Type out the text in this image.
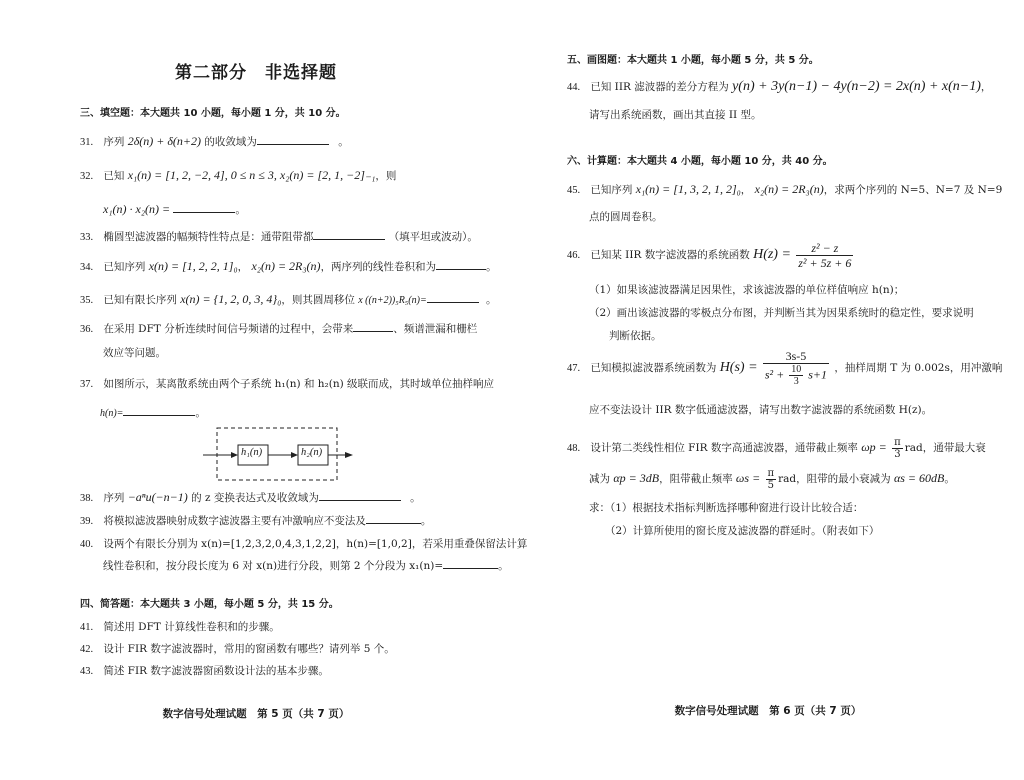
第二部分 非选择题
三、填空题：本大题共 10 小题，每小题 1 分，共 10 分。
31. 序列 2δ(n) + δ(n+2) 的收敛域为	。
32. 已知 x₁(n) = [1, 2, −2, 4], 0 ≤ n ≤ 3, x₂(n) = [2, 1, −2]₋₁，则
x₁(n) · x₂(n) =	。
33. 椭圆型滤波器的幅频特性特点是：通带阻带都	（填平坦或波动）。
34. 已知序列 x(n) = [1, 2, 2, 1]₀， x₂(n) = 2R₃(n)，两序列的线性卷积和为	。
35. 已知有限长序列 x(n) = {1, 2, 0, 3, 4}₀，则其圆周移位 x ((n+2))₅R₅(n)=	。
36. 在采用 DFT 分析连续时间信号频谱的过程中，会带来	、频谱泄漏和栅栏
效应等问题。
37. 如图所示，某离散系统由两个子系统 h₁(n) 和 h₂(n) 级联而成，其时域单位抽样响应
h(n)=	。
h₁(n)	h₂(n)
38. 序列 −aⁿu(−n−1) 的 z 变换表达式及收敛域为	。
39. 将模拟滤波器映射成数字滤波器主要有冲激响应不变法及	。
40. 设两个有限长分别为 x(n)=[1,2,3,2,0,4,3,1,2,2]，h(n)=[1,0,2]，若采用重叠保留法计算
线性卷积和，按分段长度为 6 对 x(n)进行分段，则第 2 个分段为 x₁(n)=	。
四、简答题：本大题共 3 小题，每小题 5 分，共 15 分。
41. 简述用 DFT 计算线性卷积和的步骤。
42. 设计 FIR 数字滤波器时，常用的窗函数有哪些？请列举 5 个。
43. 简述 FIR 数字滤波器窗函数设计法的基本步骤。
数字信号处理试题　第 5 页（共 7 页）
五、画图题：本大题共 1 小题，每小题 5 分，共 5 分。
44. 已知 IIR 滤波器的差分方程为 y(n) + 3y(n−1) − 4y(n−2) = 2x(n) + x(n−1)，
请写出系统函数，画出其直接 II 型。
六、计算题：本大题共 4 小题，每小题 10 分，共 40 分。
45. 已知序列 x₁(n) = [1, 3, 2, 1, 2]₀， x₂(n) = 2R₃(n)，求两个序列的 N=5、N=7 及 N=9
点的圆周卷积。
46. 已知某 IIR 数字滤波器的系统函数 $H(z) = \frac{\text{z² − z}}{\text{z² + 5z + 6}}$
（1）如果该滤波器满足因果性，求该滤波器的单位样值响应 h(n)；
（2）画出该滤波器的零极点分布图，并判断当其为因果系统时的稳定性，要求说明
判断依据。
47. 已知模拟滤波器系统函数为 $H(s) = \frac{3s-5}{s^2 + \frac{10}{3} s+1}$ ，抽样周期 T 为 0.002s，用冲激响
应不变法设计 IIR 数字低通滤波器，请写出数字滤波器的系统函数 H(z)。
48. 设计第二类线性相位 FIR 数字高通滤波器，通带截止频率 $\omega p = \frac{\pi}{3}$ rad，通带最大衰
减为 αp = 3dB，阻带截止频率 $\omega s = \frac{\pi}{5}$ rad，阻带的最小衰减为 αs = 60dB。
求：（1）根据技术指标判断选择哪种窗进行设计比较合适：
（2）计算所使用的窗长度及滤波器的群延时。（附表如下）
数字信号处理试题　第 6 页（共 7 页）
